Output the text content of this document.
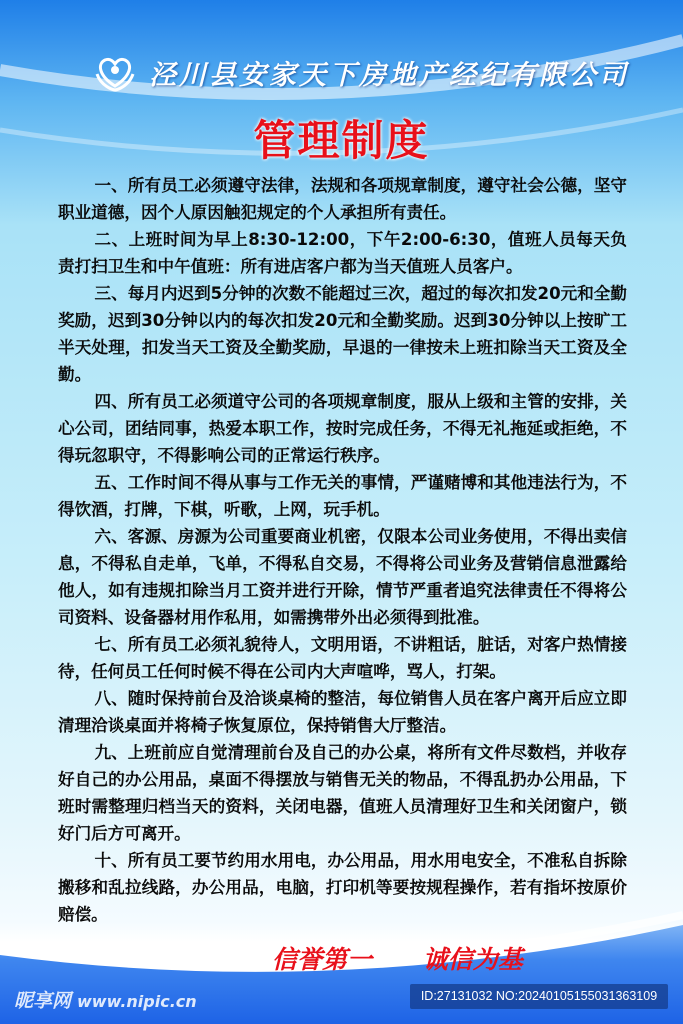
泾川县安家天下房地产经纪有限公司
管理制度

一、所有员工必须遵守法律，法规和各项规章制度，遵守社会公德，坚守职业道德，因个人原因触犯规定的个人承担所有责任。

二、上班时间为早上8:30-12:00，下午2:00-6:30，值班人员每天负责打扫卫生和中午值班：所有进店客户都为当天值班人员客户。

三、每月内迟到5分钟的次数不能超过三次，超过的每次扣发20元和全勤奖励，迟到30分钟以内的每次扣发20元和全勤奖励。迟到30分钟以上按旷工半天处理，扣发当天工资及全勤奖励，早退的一律按未上班扣除当天工资及全勤。

四、所有员工必须道守公司的各项规章制度，服从上级和主管的安排，关心公司，团结同事，热爱本职工作，按时完成任务，不得无礼拖延或拒绝，不得玩忽职守，不得影响公司的正常运行秩序。

五、工作时间不得从事与工作无关的事情，严谨赌博和其他违法行为，不得饮酒，打牌，下棋，听歌，上网，玩手机。

六、客源、房源为公司重要商业机密，仅限本公司业务使用，不得出卖信息，不得私自走单，飞单，不得私自交易，不得将公司业务及营销信息泄露给他人，如有违规扣除当月工资并进行开除，情节严重者追究法律责任不得将公司资料、设备器材用作私用，如需携带外出必须得到批准。

七、所有员工必须礼貌待人，文明用语，不讲粗话，脏话，对客户热情接待，任何员工任何时候不得在公司内大声喧哗，骂人，打架。

八、随时保持前台及洽谈桌椅的整洁，每位销售人员在客户离开后应立即清理洽谈桌面并将椅子恢复原位，保持销售大厅整洁。

九、上班前应自觉清理前台及自己的办公桌，将所有文件尽数档，并收存好自己的办公用品，桌面不得摆放与销售无关的物品，不得乱扔办公用品，下班时需整理归档当天的资料，关闭电器，值班人员清理好卫生和关闭窗户，锁好门后方可离开。

十、所有员工要节约用水用电，办公用品，用水用电安全，不准私自拆除搬移和乱拉线路，办公用品，电脑，打印机等要按规程操作，若有指坏按原价赔偿。

信誉第一 诚信为基
昵享网 www.nipic.cn	ID:27131032 NO:20240105155031363109
